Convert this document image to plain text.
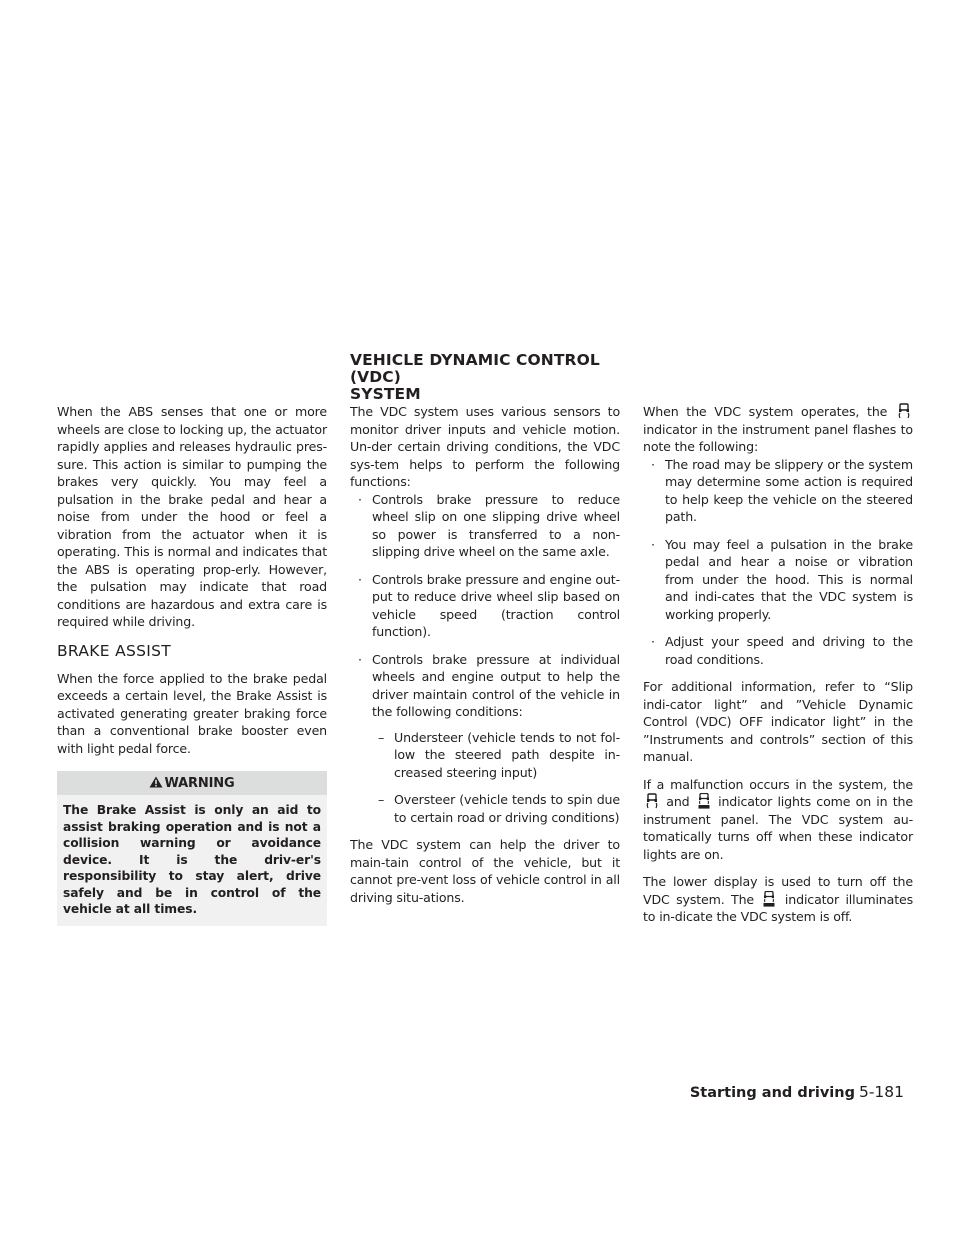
VEHICLE DYNAMIC CONTROL (VDC)
SYSTEM

When the ABS senses that one or more wheels are close to locking up, the actuator rapidly applies and releases hydraulic pres-sure. This action is similar to pumping the brakes very quickly. You may feel a pulsation in the brake pedal and hear a noise from under the hood or feel a vibration from the actuator when it is operating. This is normal and indicates that the ABS is operating prop-erly. However, the pulsation may indicate that road conditions are hazardous and extra care is required while driving.

BRAKE ASSIST

When the force applied to the brake pedal exceeds a certain level, the Brake Assist is activated generating greater braking force than a conventional brake booster even with light pedal force.

WARNING
The Brake Assist is only an aid to assist braking operation and is not a collision warning or avoidance device. It is the driv-er's responsibility to stay alert, drive safely and be in control of the vehicle at all times.

The VDC system uses various sensors to monitor driver inputs and vehicle motion. Un-der certain driving conditions, the VDC sys-tem helps to perform the following functions:

· Controls brake pressure to reduce wheel slip on one slipping drive wheel so power is transferred to a non-slipping drive wheel on the same axle.
· Controls brake pressure and engine out-put to reduce drive wheel slip based on vehicle speed (traction control function).
· Controls brake pressure at individual wheels and engine output to help the driver maintain control of the vehicle in the following conditions:
– Understeer (vehicle tends to not fol-low the steered path despite in-creased steering input)
– Oversteer (vehicle tends to spin due to certain road or driving conditions)

The VDC system can help the driver to main-tain control of the vehicle, but it cannot pre-vent loss of vehicle control in all driving situ-ations.

When the VDC system operates, the  indicator in the instrument panel flashes to note the following:

· The road may be slippery or the system may determine some action is required to help keep the vehicle on the steered path.
· You may feel a pulsation in the brake pedal and hear a noise or vibration from under the hood. This is normal and indi-cates that the VDC system is working properly.
· Adjust your speed and driving to the road conditions.

For additional information, refer to “Slip indi-cator light” and ”Vehicle Dynamic Control (VDC) OFF indicator light” in the ”Instruments and controls” section of this manual.

If a malfunction occurs in the system, the  and indicator lights come on in the instrument panel. The VDC system au-tomatically turns off when these indicator lights are on.

The lower display is used to turn off the VDC system. The indicator illuminates to in-dicate the VDC system is off.

Starting and driving 5-181
